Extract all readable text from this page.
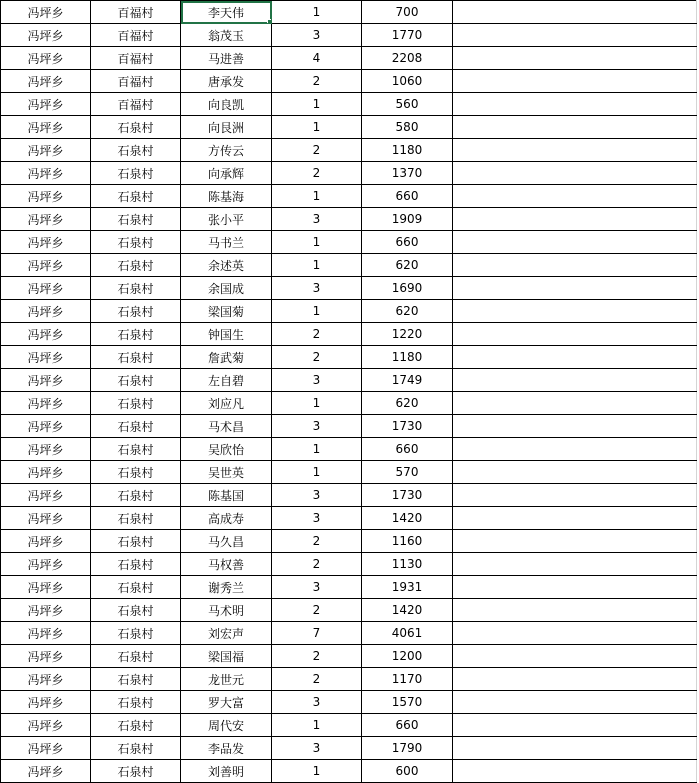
冯坪乡	百福村	李天伟	1	700	
冯坪乡	百福村	翁茂玉	3	1770	
冯坪乡	百福村	马进善	4	2208	
冯坪乡	百福村	唐承发	2	1060	
冯坪乡	百福村	向良凯	1	560	
冯坪乡	石泉村	向艮洲	1	580	
冯坪乡	石泉村	方传云	2	1180	
冯坪乡	石泉村	向承辉	2	1370	
冯坪乡	石泉村	陈基海	1	660	
冯坪乡	石泉村	张小平	3	1909	
冯坪乡	石泉村	马书兰	1	660	
冯坪乡	石泉村	余述英	1	620	
冯坪乡	石泉村	余国成	3	1690	
冯坪乡	石泉村	梁国菊	1	620	
冯坪乡	石泉村	钟国生	2	1220	
冯坪乡	石泉村	詹武菊	2	1180	
冯坪乡	石泉村	左自碧	3	1749	
冯坪乡	石泉村	刘应凡	1	620	
冯坪乡	石泉村	马术昌	3	1730	
冯坪乡	石泉村	吴欣怡	1	660	
冯坪乡	石泉村	吴世英	1	570	
冯坪乡	石泉村	陈基国	3	1730	
冯坪乡	石泉村	高成寿	3	1420	
冯坪乡	石泉村	马久昌	2	1160	
冯坪乡	石泉村	马权善	2	1130	
冯坪乡	石泉村	谢秀兰	3	1931	
冯坪乡	石泉村	马术明	2	1420	
冯坪乡	石泉村	刘宏声	7	4061	
冯坪乡	石泉村	梁国福	2	1200	
冯坪乡	石泉村	龙世元	2	1170	
冯坪乡	石泉村	罗大富	3	1570	
冯坪乡	石泉村	周代安	1	660	
冯坪乡	石泉村	李品发	3	1790	
冯坪乡	石泉村	刘善明	1	600	
